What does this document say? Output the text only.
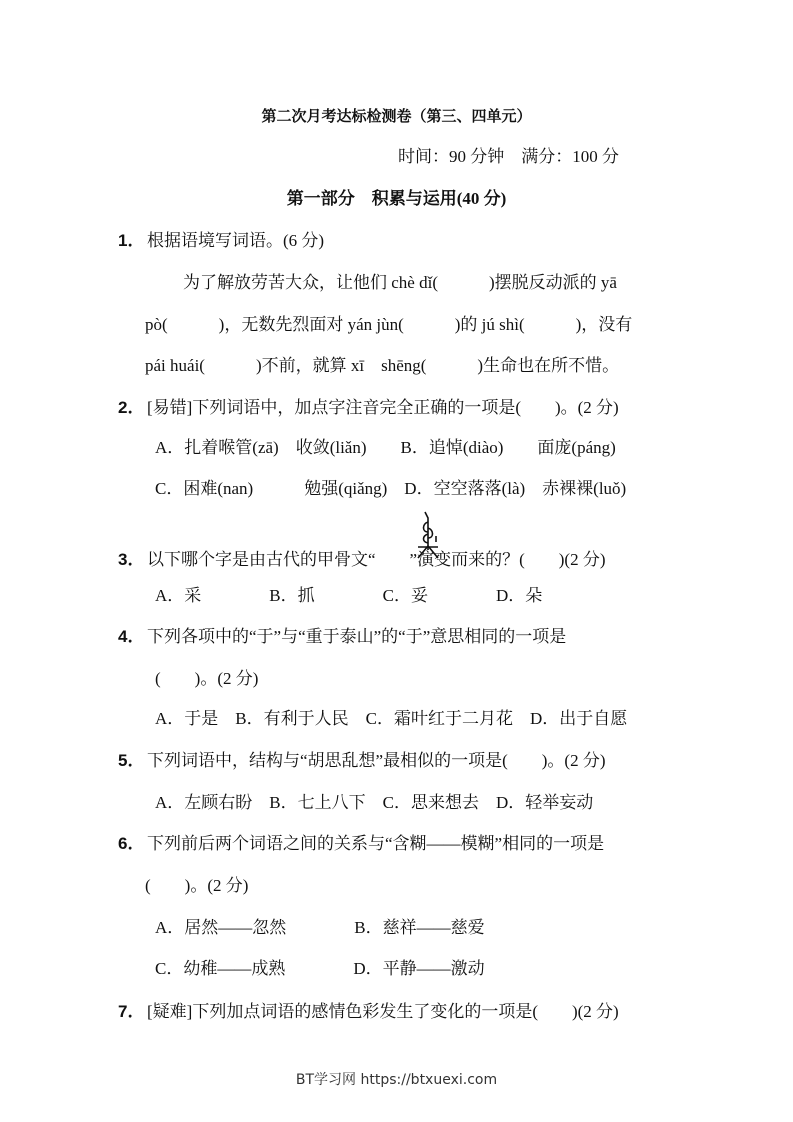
第二次月考达标检测卷（第三、四单元）
时间：90 分钟　满分：100 分
第一部分　积累与运用(40 分)
1． 根据语境写词语。(6 分)
为了解放劳苦大众，让他们 chè dǐ(　　　)摆脱反动派的 yā
pò(　　　)，无数先烈面对 yán jùn(　　　)的 jú shì(　　　)，没有
pái huái(　　　)不前，就算 xī　shēng(　　　)生命也在所不惜。
2． [易错]下列词语中，加点字注音完全正确的一项是(　　)。(2 分)
A．扎着喉管(zā)　收敛(liǎn)　　B．追悼(diào)　　面庞(páng)
C．困难(nan)　　　勉强(qiǎng)　D．空空落落(là)　赤裸裸(luǒ)
3． 以下哪个字是由古代的甲骨文“　　”演变而来的？(　　)(2 分)
A．采　　　　B．抓　　　　C．妥　　　　D．朵
4． 下列各项中的“于”与“重于泰山”的“于”意思相同的一项是
(　　)。(2 分)
A．于是　B．有利于人民　C．霜叶红于二月花　D．出于自愿
5． 下列词语中，结构与“胡思乱想”最相似的一项是(　　)。(2 分)
A．左顾右盼　B．七上八下　C．思来想去　D．轻举妄动
6． 下列前后两个词语之间的关系与“含糊——模糊”相同的一项是
(　　)。(2 分)
A．居然——忽然　　　　B．慈祥——慈爱
C．幼稚——成熟　　　　D．平静——激动
7． [疑难]下列加点词语的感情色彩发生了变化的一项是(　　)(2 分)
BT学习网 https://btxuexi.com
